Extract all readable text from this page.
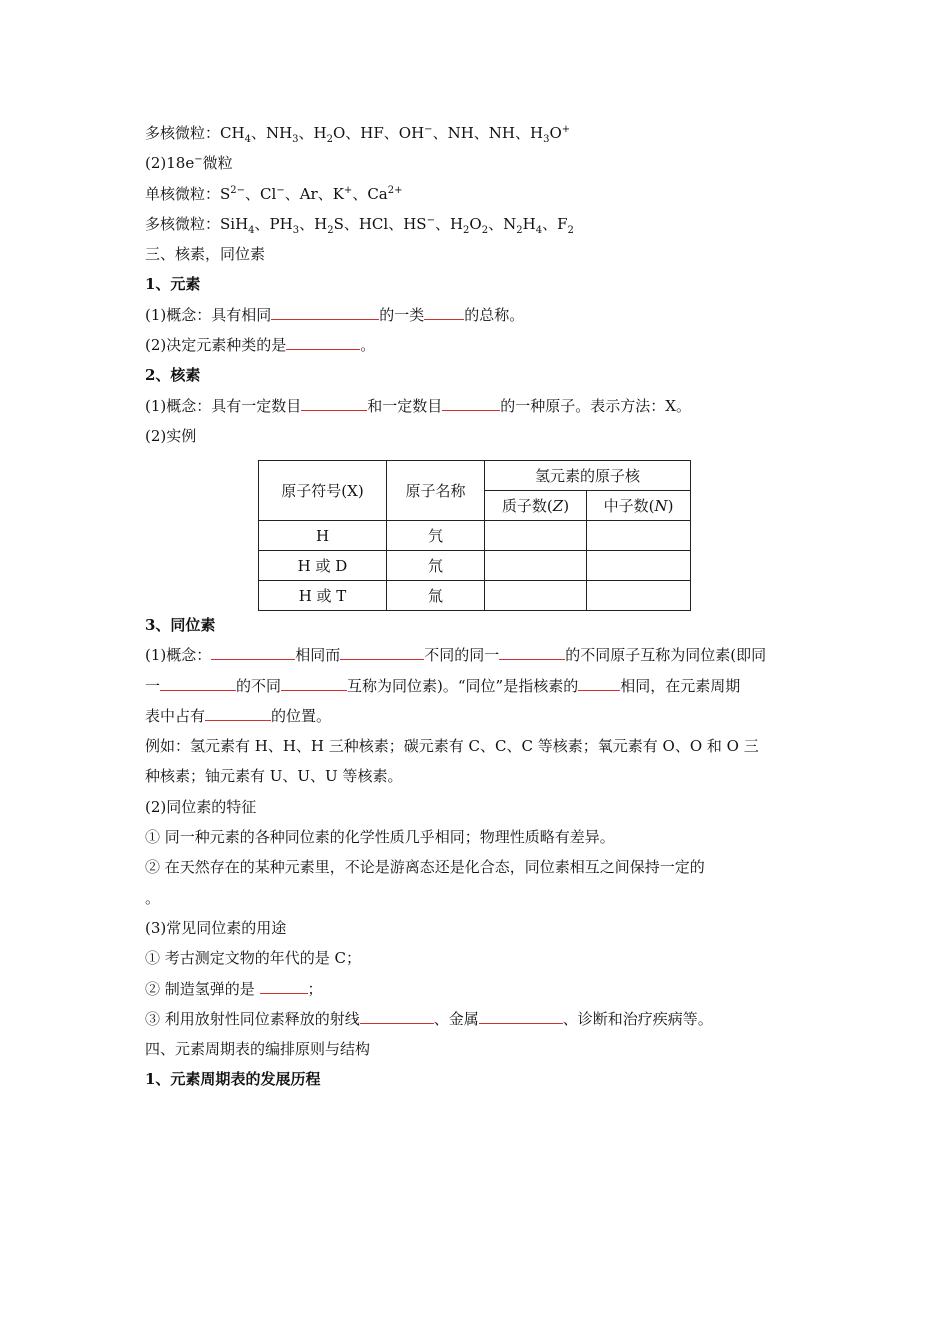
多核微粒：$CH_4$、$NH_3$、$H_2O$、HF、OH−、NH、NH、$H_3O^+$
(2)18e−微粒
单核微粒：$S^{2-}$、Cl−、Ar、K+、$Ca^{2+}$
多核微粒：SiH$_4$、$PH_3$、$H_2S$、HCl、HS−、$H_2O_2$、$N_2H_4$、$F_2$
三、核素，同位素
1、元素
(1)概念：具有相同	的一类	的总称。
(2)决定元素种类的是	。
2、核素
(1)概念：具有一定数目	和一定数目	的一种原子。表示方法：X。
(2)实例
原子符号(X)	原子名称	氢元素的原子核	
		质子数(Z)	中子数(N)
H	氕		
H 或 D	氘		
H 或 T	氚		
3、同位素
(1)概念：	相同而	不同的同一	的不同原子互称为同位素(即同
一	的不同	互称为同位素)。“同位”是指核素的	相同，在元素周期
表中占有	的位置。
例如：氢元素有 H、H、H 三种核素；碳元素有 C、C、C 等核素；氧元素有 O、O 和 O 三
种核素；铀元素有 U、U、U 等核素。
(2)同位素的特征
① 同一种元素的各种同位素的化学性质几乎相同；物理性质略有差异。
② 在天然存在的某种元素里，不论是游离态还是化合态，同位素相互之间保持一定的
。
(3)常见同位素的用途
① 考古测定文物的年代的是 C；
② 制造氢弹的是	；
③ 利用放射性同位素释放的射线	、金属	、诊断和治疗疾病等。
四、元素周期表的编排原则与结构
1、元素周期表的发展历程
